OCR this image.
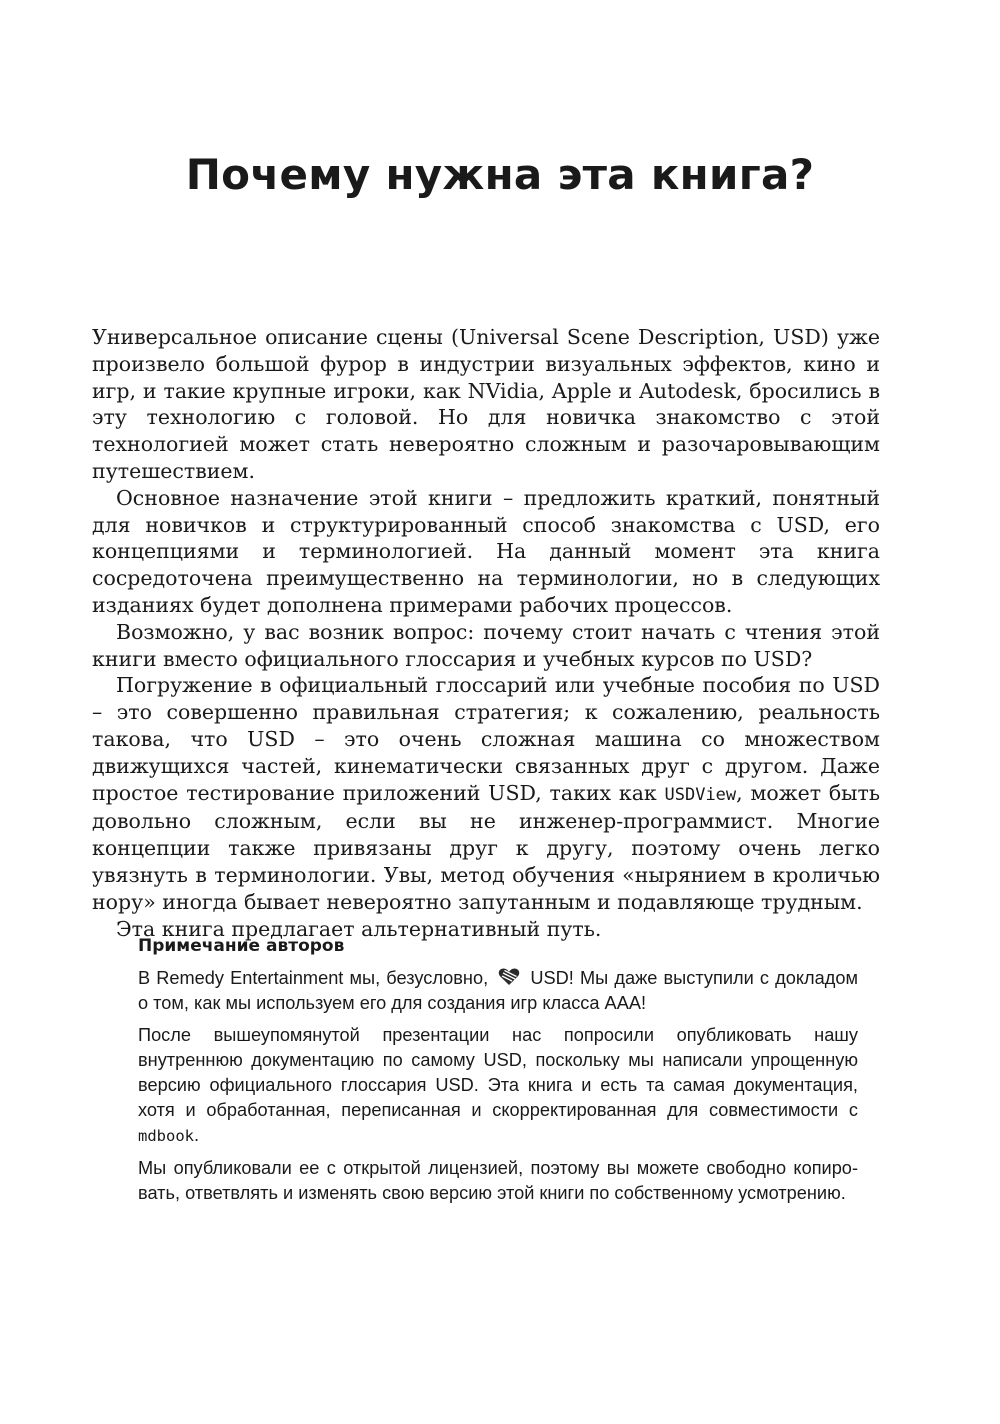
Почему нужна эта книга?

Универсальное описание сцены (Universal Scene Description, USD) уже произвело большой фурор в индустрии визуальных эффектов, кино и игр, и такие крупные игроки, как NVidia, Apple и Autodesk, бросились в эту технологию с головой. Но для новичка знакомство с этой технологией может стать невероятно сложным и разочаровывающим путешествием.

Основное назначение этой книги – предложить краткий, понятный для новичков и структурированный способ знакомства с USD, его концепциями и терминологией. На данный момент эта книга сосредоточена преимущественно на терминологии, но в следующих изданиях будет дополнена примерами рабочих процессов.

Возможно, у вас возник вопрос: почему стоит начать с чтения этой книги вместо официального глоссария и учебных курсов по USD?

Погружение в официальный глоссарий или учебные пособия по USD – это совершенно правильная стратегия; к сожалению, реальность такова, что USD – это очень сложная машина со множеством движущихся частей, кинематически связанных друг с другом. Даже простое тестирование приложений USD, таких как USDView, может быть довольно сложным, если вы не инженер-программист. Многие концепции также привязаны друг к другу, поэтому очень легко увязнуть в терминологии. Увы, метод обучения «нырянием в кроличью нору» иногда бывает невероятно запутанным и подавляюще трудным.

Эта книга предлагает альтернативный путь.

Примечание авторов

В Remedy Entertainment мы, безусловно, USD! Мы даже выступили с докладом о том, как мы используем его для создания игр класса AAA!

После вышеупомянутой презентации нас попросили опубликовать нашу внутреннюю документацию по самому USD, поскольку мы написали упрощенную версию официального глоссария USD. Эта книга и есть та самая документация, хотя и обработанная, переписанная и скорректированная для совместимости с mdbook.

Мы опубликовали ее с открытой лицензией, поэтому вы можете свободно копировать, ответвлять и изменять свою версию этой книги по собственному усмотрению.
